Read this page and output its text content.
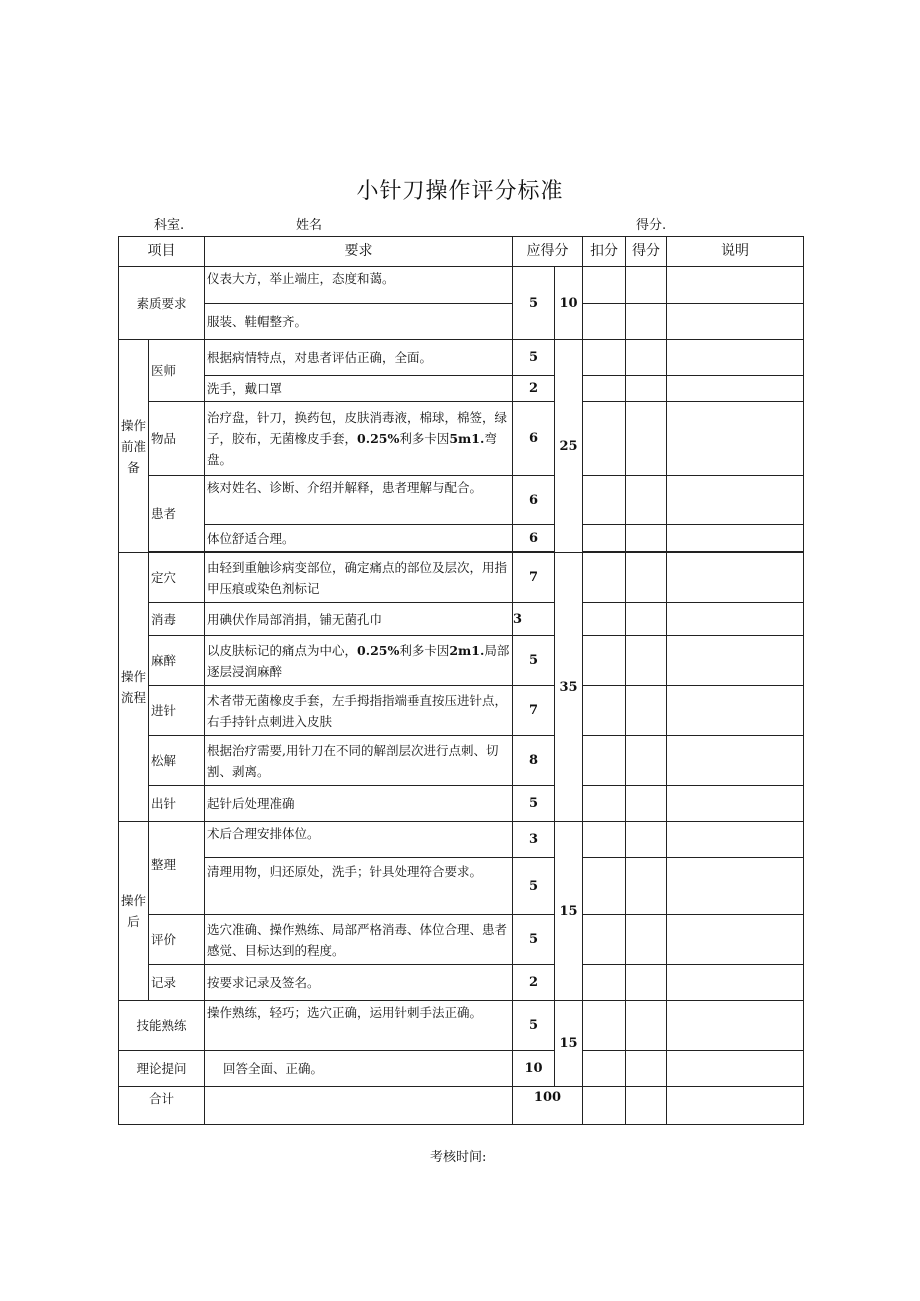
小针刀操作评分标准
科室.	姓名	得分.
项目		要求	应得分		扣分	得分	说明
素质要求		仪表大方，举止端庄，态度和蔼。	5	10			
		服装、鞋帽整齐。					
操作前准备	医师	根据病情特点，对患者评估正确，全面。	5	25			
		洗手，戴口罩	2				
	物品	治疗盘，针刀，换药包，皮肤消毒液，棉球，棉签，绿子，胶布，无菌橡皮手套，0.25%利多卡因5m1.弯盘。	6				
	患者	核对姓名、诊断、介绍并解释，患者理解与配合。	6				
		体位舒适合理。	6				

操作流程	定穴	由轻到重触诊病变部位，确定痛点的部位及层次，用指甲压痕或染色剂标记	7	35			
	消毒	用碘伏作局部消捐，铺无菌孔巾	3				
	麻醉	以皮肤标记的痛点为中心，0.25%利多卡因2m1.局部逐层浸润麻醉	5				
	进针	术者带无菌橡皮手套，左手拇指指端垂直按压进针点，右手持针点刺进入皮肤	7				
	松解	根据治疗需要,用针刀在不同的解剖层次进行点刺、切割、剥离。	8				
	出针	起针后处理准确	5				
操作后	整理	术后合理安排体位。	3	15			
		清理用物，归还原处，洗手；针具处理符合要求。	5				
	评价	选穴准确、操作熟练、局部严格消毒、体位合理、患者感觉、目标达到的程度。	5				
	记录	按要求记录及签名。	2				
技能熟练		操作熟练，轻巧；选穴正确，运用针刺手法正确。	5	15			
理论提问		回答全面、正确。	10				
合计			100				
考核时间:
